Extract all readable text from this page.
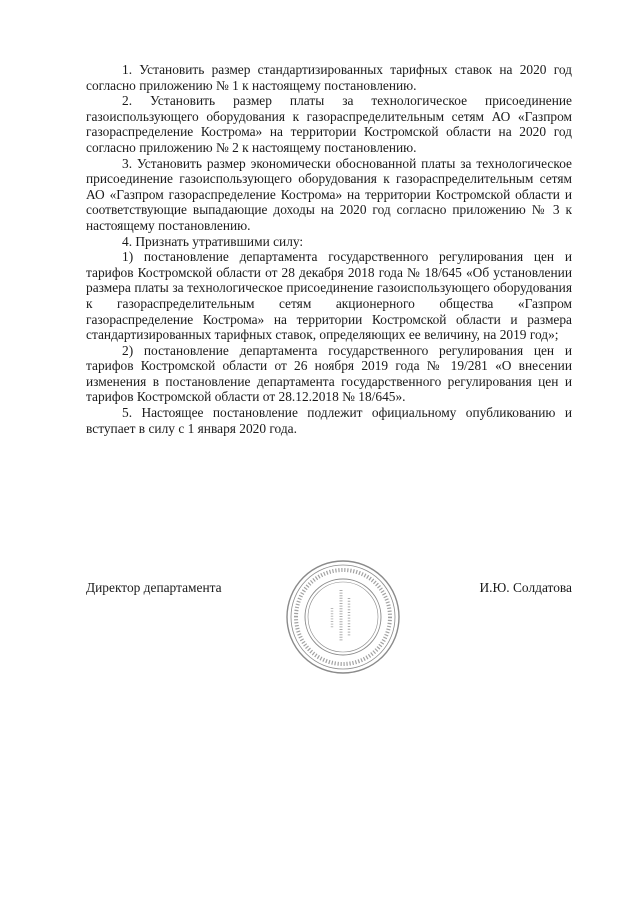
1. Установить размер стандартизированных тарифных ставок на 2020 год согласно приложению № 1 к настоящему постановлению.

2. Установить размер платы за технологическое присоединение газоиспользующего оборудования к газораспределительным сетям АО «Газпром газораспределение Кострома» на территории Костромской области на 2020 год согласно приложению № 2 к настоящему постановлению.

3. Установить размер экономически обоснованной платы за технологическое присоединение газоиспользующего оборудования к газораспределительным сетям АО «Газпром газораспределение Кострома» на территории Костромской области и соответствующие выпадающие доходы на 2020 год согласно приложению № 3 к настоящему постановлению.

4. Признать утратившими силу:

1) постановление департамента государственного регулирования цен и тарифов Костромской области от 28 декабря 2018 года № 18/645 «Об установлении размера платы за технологическое присоединение газоиспользующего оборудования к газораспределительным сетям акционерного общества «Газпром газораспределение Кострома» на территории Костромской области и размера стандартизированных тарифных ставок, определяющих ее величину, на 2019 год»;

2) постановление департамента государственного регулирования цен и тарифов Костромской области от 26 ноября 2019 года № 19/281 «О внесении изменения в постановление департамента государственного регулирования цен и тарифов Костромской области от 28.12.2018 № 18/645».

5. Настоящее постановление подлежит официальному опубликованию и вступает в силу с 1 января 2020 года.

Директор департамента	И.Ю. Солдатова
